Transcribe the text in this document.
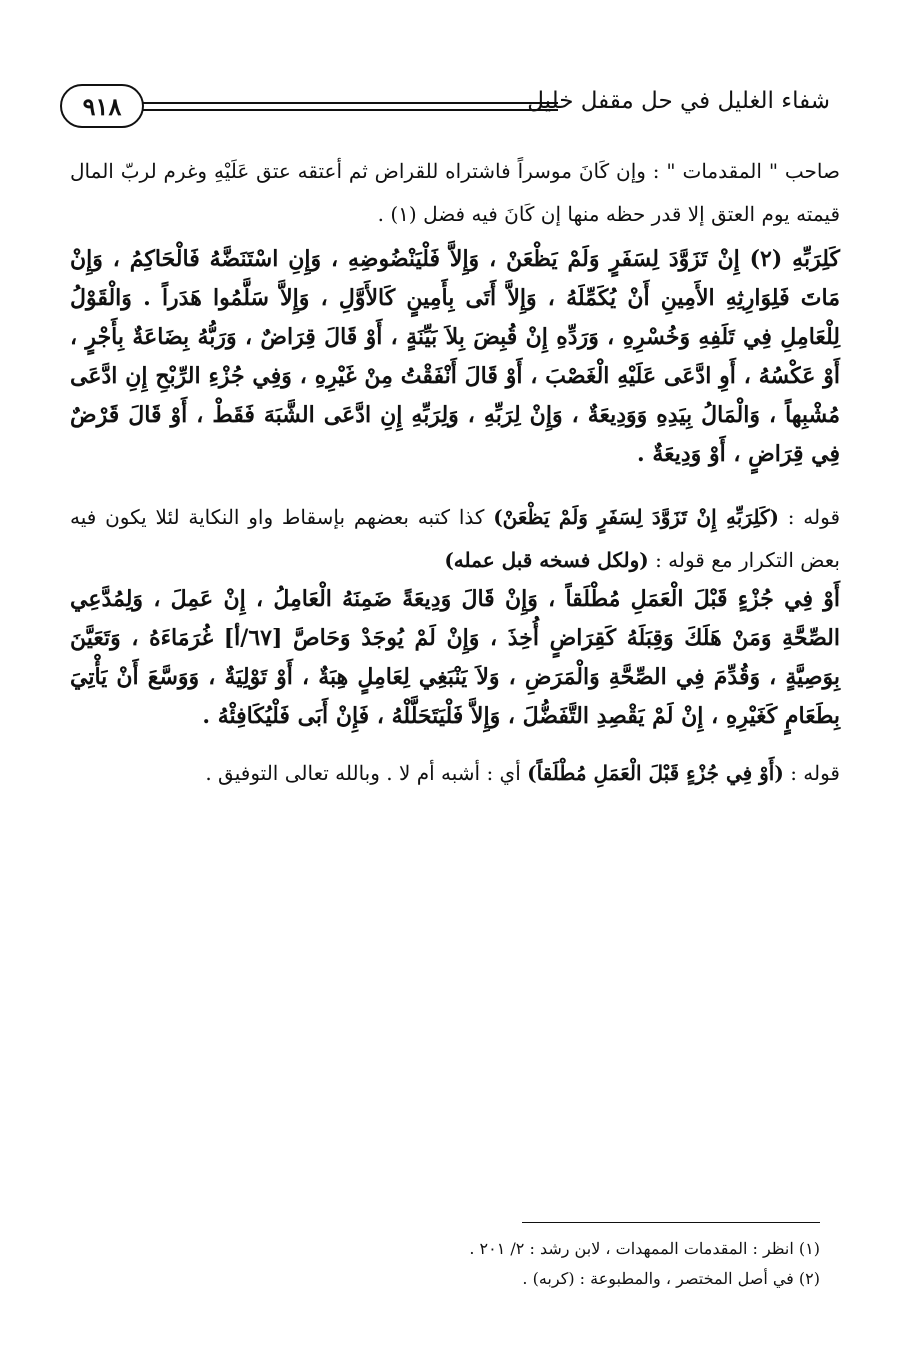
٩١٨	شفاء الغليل في حل مقفل خليل

صاحب " المقدمات " : وإن كَانَ موسراً فاشتراه للقراض ثم أعتقه عتق عَلَيْهِ وغرم لربّ المال قيمته يوم العتق إلا قدر حظه منها إن كَانَ فيه فضل (١) .

كَلِرَبِّهِ (٢) إِنْ تَزَوَّدَ لِسَفَرٍ وَلَمْ يَظْعَنْ ، وَإِلاَّ فَلْيَنْضُوضِهِ ، وَإِنِ اسْتَنَضَّهُ فَالْحَاكِمُ ، وَإِنْ مَاتَ فَلِوَارِثِهِ الأَمِينِ أَنْ يُكَمِّلَهُ ، وَإِلاَّ أَتَى بِأَمِينٍ كَالأَوَّلِ ، وَإِلاَّ سَلَّمُوا هَدَراً . وَالْقَوْلُ لِلْعَامِلِ فِي تَلَفِهِ وَخُسْرِهِ ، وَرَدِّهِ إِنْ قُبِضَ بِلاَ بَيِّنَةٍ ، أَوْ قَالَ قِرَاضٌ ، وَرَبُّهُ بِضَاعَةٌ بِأَجْرٍ ، أَوْ عَكْسُهُ ، أَوِ ادَّعَى عَلَيْهِ الْغَصْبَ ، أَوْ قَالَ أَنْفَقْتُ مِنْ غَيْرِهِ ، وَفِي جُزْءِ الرِّبْحِ إِنِ ادَّعَى مُشْبِهاً ، وَالْمَالُ بِيَدِهِ وَوَدِيعَةٌ ، وَإِنْ لِرَبِّهِ ، وَلِرَبِّهِ إِنِ ادَّعَى الشَّبَهَ فَقَطْ ، أَوْ قَالَ قَرْضٌ فِي قِرَاضٍ ، أَوْ وَدِيعَةٌ .

قوله : (كَلِرَبِّهِ إِنْ تَزَوَّدَ لِسَفَرٍ وَلَمْ يَظْعَنْ) كذا كتبه بعضهم بإسقاط واو النكاية لئلا يكون فيه بعض التكرار مع قوله : (ولكل فسخه قبل عمله)

أَوْ فِي جُزْءٍ قَبْلَ الْعَمَلِ مُطْلَقاً ، وَإِنْ قَالَ وَدِيعَةً ضَمِنَهُ الْعَامِلُ ، إِنْ عَمِلَ ، وَلِمُدَّعِي الصِّحَّةِ وَمَنْ هَلَكَ وَقِبَلَهُ كَقِرَاضٍ أُخِذَ ، وَإِنْ لَمْ يُوجَدْ وَحَاصَّ [٦٧/أ] غُرَمَاءَهُ ، وَتَعَيَّنَ بِوَصِيَّةٍ ، وَقُدِّمَ فِي الصِّحَّةِ وَالْمَرَضِ ، وَلاَ يَنْبَغِي لِعَامِلٍ هِبَةٌ ، أَوْ تَوْلِيَةٌ ، وَوَسَّعَ أَنْ يَأْتِيَ بِطَعَامٍ كَغَيْرِهِ ، إِنْ لَمْ يَقْصِدِ التَّفَضُّلَ ، وَإِلاَّ فَلْيَتَحَلَّلْهُ ، فَإِنْ أَبَى فَلْيُكَافِئْهُ .

قوله : (أَوْ فِي جُزْءٍ قَبْلَ الْعَمَلِ مُطْلَقاً) أي : أشبه أم لا . وبالله تعالى التوفيق .

(١) انظر : المقدمات الممهدات ، لابن رشد : ٢/ ٢٠١ .
(٢) في أصل المختصر ، والمطبوعة : (كربه) .
